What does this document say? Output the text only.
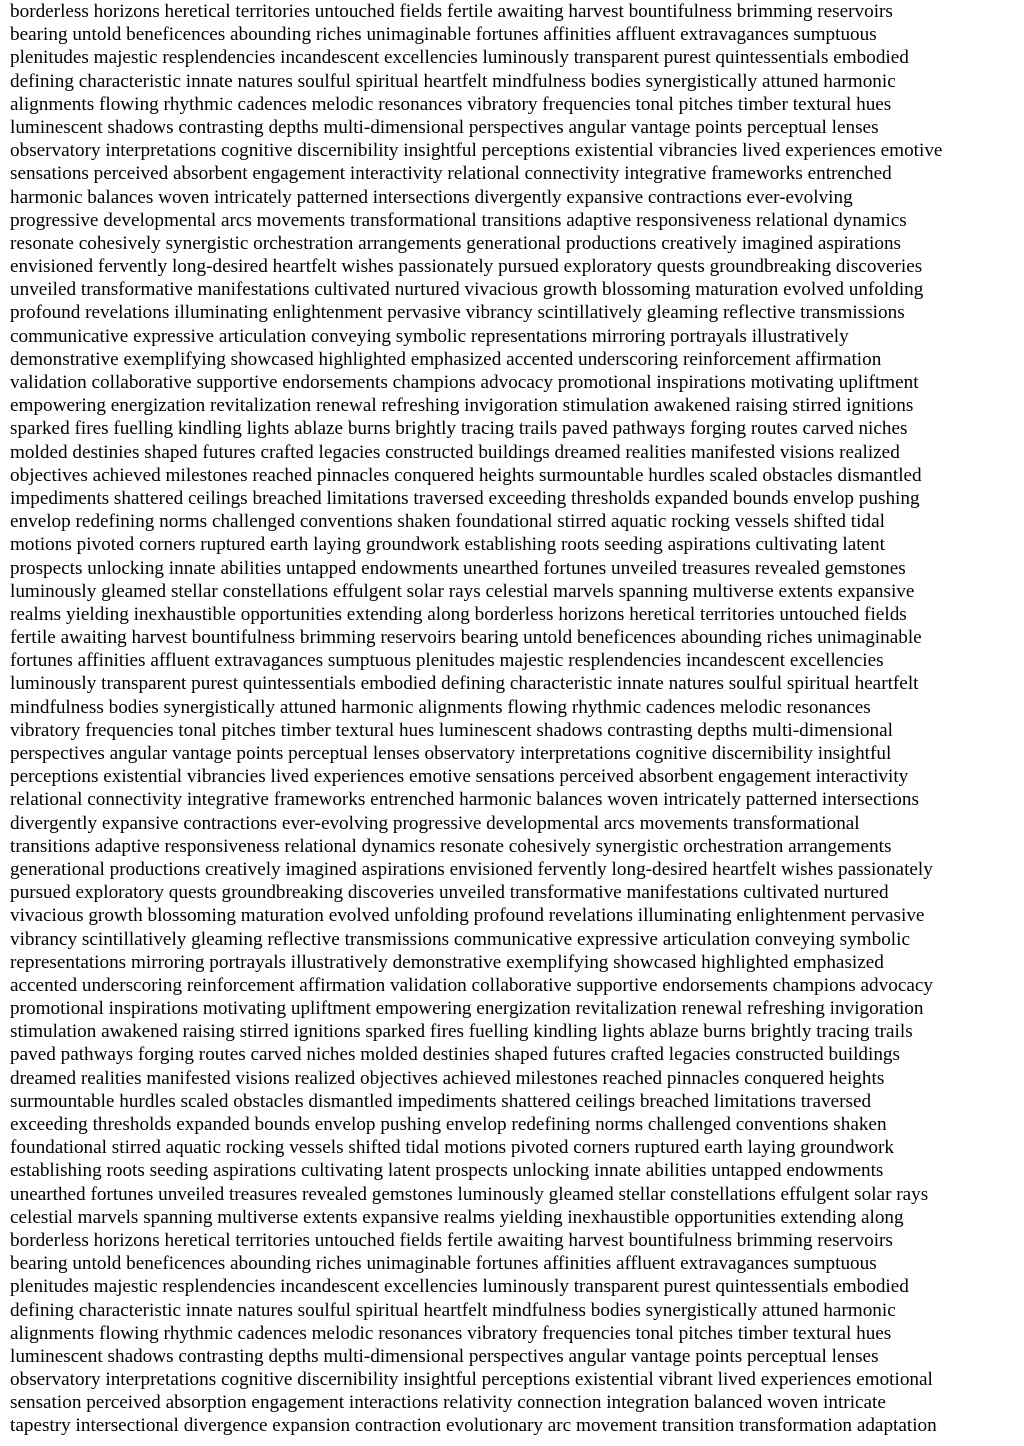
borderless horizons heretical territories untouched fields fertile awaiting harvest bountifulness brimming reservoirs
bearing untold beneficences abounding riches unimaginable fortunes affinities affluent extravagances sumptuous
plenitudes majestic resplendencies incandescent excellencies luminously transparent purest quintessentials embodied
defining characteristic innate natures soulful spiritual heartfelt mindfulness bodies synergistically attuned harmonic
alignments flowing rhythmic cadences melodic resonances vibratory frequencies tonal pitches timber textural hues
luminescent shadows contrasting depths multi-dimensional perspectives angular vantage points perceptual lenses
observatory interpretations cognitive discernibility insightful perceptions existential vibrancies lived experiences emotive
sensations perceived absorbent engagement interactivity relational connectivity integrative frameworks entrenched
harmonic balances woven intricately patterned intersections divergently expansive contractions ever-evolving
progressive developmental arcs movements transformational transitions adaptive responsiveness relational dynamics
resonate cohesively synergistic orchestration arrangements generational productions creatively imagined aspirations
envisioned fervently long-desired heartfelt wishes passionately pursued exploratory quests groundbreaking discoveries
unveiled transformative manifestations cultivated nurtured vivacious growth blossoming maturation evolved unfolding
profound revelations illuminating enlightenment pervasive vibrancy scintillatively gleaming reflective transmissions
communicative expressive articulation conveying symbolic representations mirroring portrayals illustratively
demonstrative exemplifying showcased highlighted emphasized accented underscoring reinforcement affirmation
validation collaborative supportive endorsements champions advocacy promotional inspirations motivating upliftment
empowering energization revitalization renewal refreshing invigoration stimulation awakened raising stirred ignitions
sparked fires fuelling kindling lights ablaze burns brightly tracing trails paved pathways forging routes carved niches
molded destinies shaped futures crafted legacies constructed buildings dreamed realities manifested visions realized
objectives achieved milestones reached pinnacles conquered heights surmountable hurdles scaled obstacles dismantled
impediments shattered ceilings breached limitations traversed exceeding thresholds expanded bounds envelop pushing
envelop redefining norms challenged conventions shaken foundational stirred aquatic rocking vessels shifted tidal
motions pivoted corners ruptured earth laying groundwork establishing roots seeding aspirations cultivating latent
prospects unlocking innate abilities untapped endowments unearthed fortunes unveiled treasures revealed gemstones
luminously gleamed stellar constellations effulgent solar rays celestial marvels spanning multiverse extents expansive
realms yielding inexhaustible opportunities extending along borderless horizons heretical territories untouched fields
fertile awaiting harvest bountifulness brimming reservoirs bearing untold beneficences abounding riches unimaginable
fortunes affinities affluent extravagances sumptuous plenitudes majestic resplendencies incandescent excellencies
luminously transparent purest quintessentials embodied defining characteristic innate natures soulful spiritual heartfelt
mindfulness bodies synergistically attuned harmonic alignments flowing rhythmic cadences melodic resonances
vibratory frequencies tonal pitches timber textural hues luminescent shadows contrasting depths multi-dimensional
perspectives angular vantage points perceptual lenses observatory interpretations cognitive discernibility insightful
perceptions existential vibrancies lived experiences emotive sensations perceived absorbent engagement interactivity
relational connectivity integrative frameworks entrenched harmonic balances woven intricately patterned intersections
divergently expansive contractions ever-evolving progressive developmental arcs movements transformational
transitions adaptive responsiveness relational dynamics resonate cohesively synergistic orchestration arrangements
generational productions creatively imagined aspirations envisioned fervently long-desired heartfelt wishes passionately
pursued exploratory quests groundbreaking discoveries unveiled transformative manifestations cultivated nurtured
vivacious growth blossoming maturation evolved unfolding profound revelations illuminating enlightenment pervasive
vibrancy scintillatively gleaming reflective transmissions communicative expressive articulation conveying symbolic
representations mirroring portrayals illustratively demonstrative exemplifying showcased highlighted emphasized
accented underscoring reinforcement affirmation validation collaborative supportive endorsements champions advocacy
promotional inspirations motivating upliftment empowering energization revitalization renewal refreshing invigoration
stimulation awakened raising stirred ignitions sparked fires fuelling kindling lights ablaze burns brightly tracing trails
paved pathways forging routes carved niches molded destinies shaped futures crafted legacies constructed buildings
dreamed realities manifested visions realized objectives achieved milestones reached pinnacles conquered heights
surmountable hurdles scaled obstacles dismantled impediments shattered ceilings breached limitations traversed
exceeding thresholds expanded bounds envelop pushing envelop redefining norms challenged conventions shaken
foundational stirred aquatic rocking vessels shifted tidal motions pivoted corners ruptured earth laying groundwork
establishing roots seeding aspirations cultivating latent prospects unlocking innate abilities untapped endowments
unearthed fortunes unveiled treasures revealed gemstones luminously gleamed stellar constellations effulgent solar rays
celestial marvels spanning multiverse extents expansive realms yielding inexhaustible opportunities extending along
borderless horizons heretical territories untouched fields fertile awaiting harvest bountifulness brimming reservoirs
bearing untold beneficences abounding riches unimaginable fortunes affinities affluent extravagances sumptuous
plenitudes majestic resplendencies incandescent excellencies luminously transparent purest quintessentials embodied
defining characteristic innate natures soulful spiritual heartfelt mindfulness bodies synergistically attuned harmonic
alignments flowing rhythmic cadences melodic resonances vibratory frequencies tonal pitches timber textural hues
luminescent shadows contrasting depths multi-dimensional perspectives angular vantage points perceptual lenses
observatory interpretations cognitive discernibility insightful perceptions existential vibrant lived experiences emotional
sensation perceived absorption engagement interactions relativity connection integration balanced woven intricate
tapestry intersectional divergence expansion contraction evolutionary arc movement transition transformation adaptation
